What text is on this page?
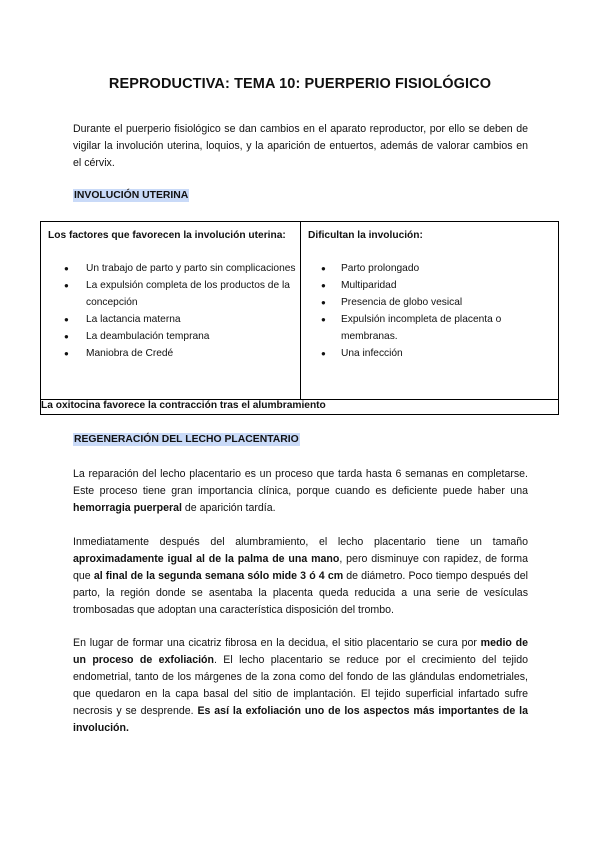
REPRODUCTIVA: TEMA 10: PUERPERIO FISIOLÓGICO
Durante el puerperio fisiológico se dan cambios en el aparato reproductor, por ello se deben de vigilar la involución uterina, loquios, y la aparición de entuertos, además de valorar cambios en el cérvix.
INVOLUCIÓN UTERINA
Los factores que favorecen la involución uterina:
● Un trabajo de parto y parto sin complicaciones
● La expulsión completa de los productos de la concepción
● La lactancia materna
● La deambulación temprana
● Maniobra de Credé

Dificultan la involución:
● Parto prolongado
● Multiparidad
● Presencia de globo vesical
● Expulsión incompleta de placenta o membranas.
● Una infección

La oxitocina favorece la contracción tras el alumbramiento
REGENERACIÓN DEL LECHO PLACENTARIO
La reparación del lecho placentario es un proceso que tarda hasta 6 semanas en completarse. Este proceso tiene gran importancia clínica, porque cuando es deficiente puede haber una hemorragia puerperal de aparición tardía.
Inmediatamente después del alumbramiento, el lecho placentario tiene un tamaño aproximadamente igual al de la palma de una mano, pero disminuye con rapidez, de forma que al final de la segunda semana sólo mide 3 ó 4 cm de diámetro. Poco tiempo después del parto, la región donde se asentaba la placenta queda reducida a una serie de vesículas trombosadas que adoptan una característica disposición del trombo.
En lugar de formar una cicatriz fibrosa en la decidua, el sitio placentario se cura por medio de un proceso de exfoliación. El lecho placentario se reduce por el crecimiento del tejido endometrial, tanto de los márgenes de la zona como del fondo de las glándulas endometriales, que quedaron en la capa basal del sitio de implantación. El tejido superficial infartado sufre necrosis y se desprende. Es así la exfoliación uno de los aspectos más importantes de la involución.
